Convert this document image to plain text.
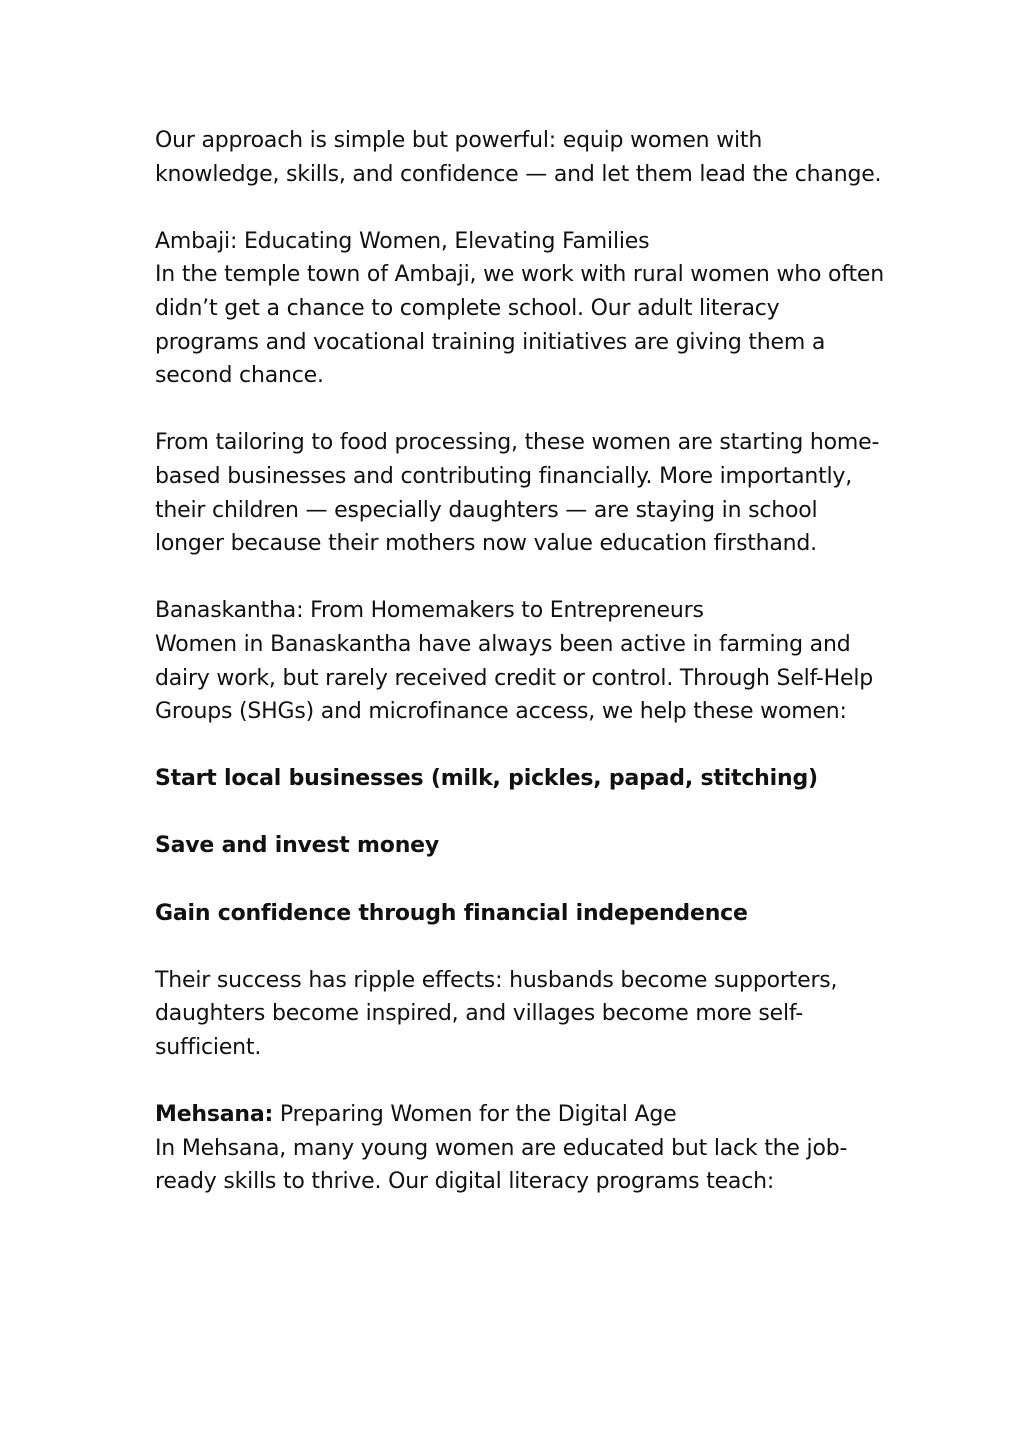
Our approach is simple but powerful: equip women with knowledge, skills, and confidence — and let them lead the change.

Ambaji: Educating Women, Elevating Families
In the temple town of Ambaji, we work with rural women who often didn’t get a chance to complete school. Our adult literacy programs and vocational training initiatives are giving them a second chance.

From tailoring to food processing, these women are starting home-based businesses and contributing financially. More importantly, their children — especially daughters — are staying in school longer because their mothers now value education firsthand.

Banaskantha: From Homemakers to Entrepreneurs
Women in Banaskantha have always been active in farming and dairy work, but rarely received credit or control. Through Self-Help Groups (SHGs) and microfinance access, we help these women:

Start local businesses (milk, pickles, papad, stitching)

Save and invest money

Gain confidence through financial independence

Their success has ripple effects: husbands become supporters, daughters become inspired, and villages become more self-sufficient.

Mehsana: Preparing Women for the Digital Age
In Mehsana, many young women are educated but lack the job-ready skills to thrive. Our digital literacy programs teach:
